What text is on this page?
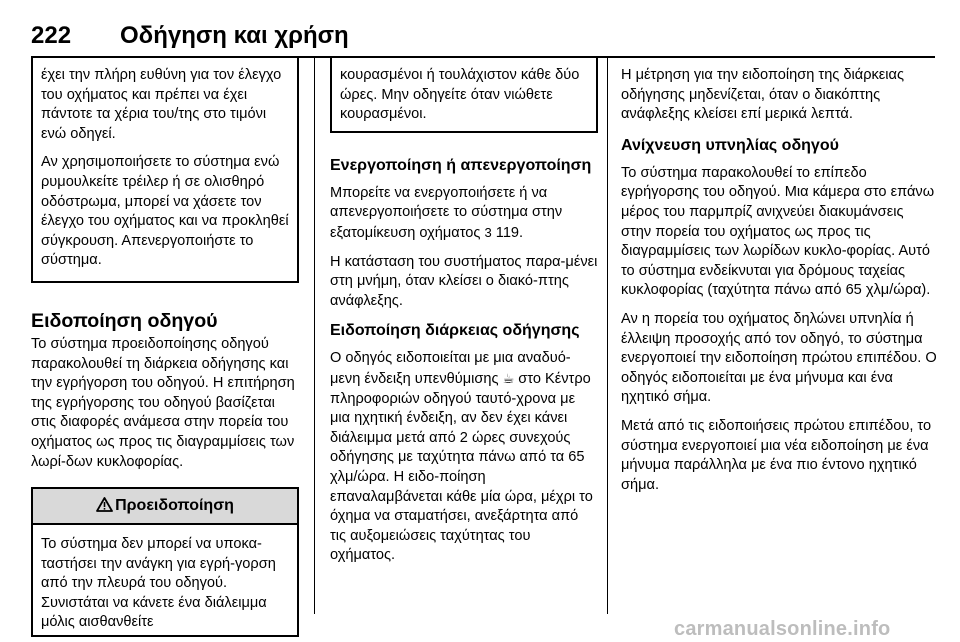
222 Οδήγηση και χρήση

έχει την πλήρη ευθύνη για τον έλεγχο του οχήματος και πρέπει να έχει πάντοτε τα χέρια του/της στο τιμόνι ενώ οδηγεί.

Αν χρησιμοποιήσετε το σύστημα ενώ ρυμουλκείτε τρέιλερ ή σε ολισθηρό οδόστρωμα, μπορεί να χάσετε τον έλεγχο του οχήματος και να προκληθεί σύγκρουση. Απενεργοποιήστε το σύστημα.

Ειδοποίηση οδηγού

Το σύστημα προειδοποίησης οδηγού παρακολουθεί τη διάρκεια οδήγησης και την εγρήγορση του οδηγού. Η επιτήρηση της εγρήγορσης του οδηγού βασίζεται στις διαφορές ανάμεσα στην πορεία του οχήματος ως προς τις διαγραμμίσεις των λωρί-δων κυκλοφορίας.

Προειδοποίηση

Το σύστημα δεν μπορεί να υποκα-ταστήσει την ανάγκη για εγρή-γορση από την πλευρά του οδηγού. Συνιστάται να κάνετε ένα διάλειμμα μόλις αισθανθείτε

κουρασμένοι ή τουλάχιστον κάθε δύο ώρες. Μην οδηγείτε όταν νιώθετε κουρασμένοι.

Ενεργοποίηση ή απενεργοποίηση

Μπορείτε να ενεργοποιήσετε ή να απενεργοποιήσετε το σύστημα στην εξατομίκευση οχήματος 3 119.

Η κατάσταση του συστήματος παρα-μένει στη μνήμη, όταν κλείσει ο διακό-πτης ανάφλεξης.

Ειδοποίηση διάρκειας οδήγησης

Ο οδηγός ειδοποιείται με μια αναδυό-μενη ένδειξη υπενθύμισης ☕ στο Κέντρο πληροφοριών οδηγού ταυτό-χρονα με μια ηχητική ένδειξη, αν δεν έχει κάνει διάλειμμα μετά από 2 ώρες συνεχούς οδήγησης με ταχύτητα πάνω από τα 65 χλμ/ώρα. Η ειδο-ποίηση επαναλαμβάνεται κάθε μία ώρα, μέχρι το όχημα να σταματήσει, ανεξάρτητα από τις αυξομειώσεις ταχύτητας του οχήματος.

Η μέτρηση για την ειδοποίηση της διάρκειας οδήγησης μηδενίζεται, όταν ο διακόπτης ανάφλεξης κλείσει επί μερικά λεπτά.

Ανίχνευση υπνηλίας οδηγού

Το σύστημα παρακολουθεί το επίπεδο εγρήγορσης του οδηγού. Μια κάμερα στο επάνω μέρος του παρμπρίζ ανιχνεύει διακυμάνσεις στην πορεία του οχήματος ως προς τις διαγραμμίσεις των λωρίδων κυκλο-φορίας. Αυτό το σύστημα ενδείκνυται για δρόμους ταχείας κυκλοφορίας (ταχύτητα πάνω από 65 χλμ/ώρα).

Αν η πορεία του οχήματος δηλώνει υπνηλία ή έλλειψη προσοχής από τον οδηγό, το σύστημα ενεργοποιεί την ειδοποίηση πρώτου επιπέδου. Ο οδηγός ειδοποιείται με ένα μήνυμα και ένα ηχητικό σήμα.

Μετά από τις ειδοποιήσεις πρώτου επιπέδου, το σύστημα ενεργοποιεί μια νέα ειδοποίηση με ένα μήνυμα παράλληλα με ένα πιο έντονο ηχητικό σήμα.

carmanualsonline.info
